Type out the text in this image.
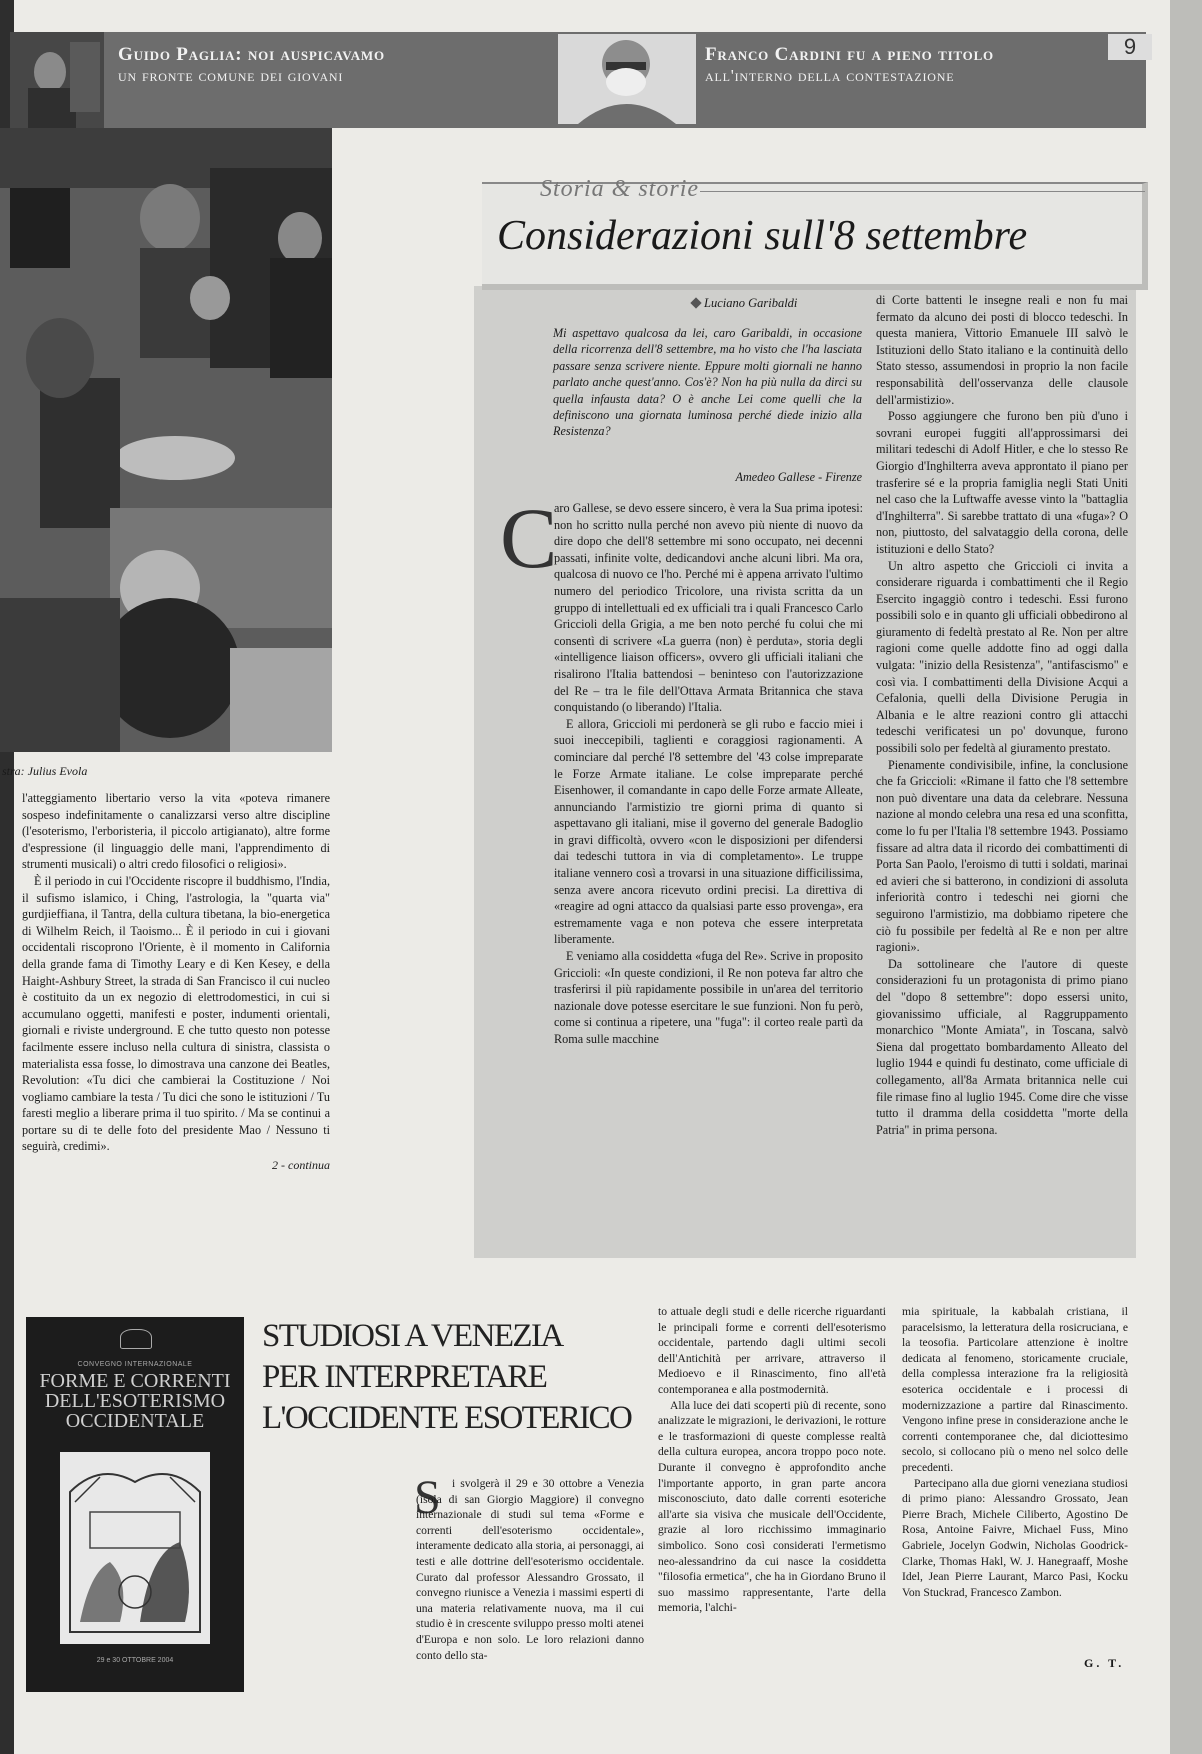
Guido Paglia: noi auspicavamo
un fronte comune dei giovani
Franco Cardini fu a pieno titolo
all'interno della contestazione
9
stra: Julius Evola

l'atteggiamento libertario verso la vita «poteva rimanere sospeso indefinitamente o canalizzarsi verso altre discipline (l'esoterismo, l'erboristeria, il piccolo artigianato), altre forme d'espressione (il linguaggio delle mani, l'apprendimento di strumenti musicali) o altri credo filosofici o religiosi».

È il periodo in cui l'Occidente riscopre il buddhismo, l'India, il sufismo islamico, i Ching, l'astrologia, la "quarta via" gurdjieffiana, il Tantra, della cultura tibetana, la bio-energetica di Wilhelm Reich, il Taoismo... È il periodo in cui i giovani occidentali riscoprono l'Oriente, è il momento in California della grande fama di Timothy Leary e di Ken Kesey, e della Haight-Ashbury Street, la strada di San Francisco il cui nucleo è costituito da un ex negozio di elettrodomestici, in cui si accumulano oggetti, manifesti e poster, indumenti orientali, giornali e riviste underground. E che tutto questo non potesse facilmente essere incluso nella cultura di sinistra, classista o materialista essa fosse, lo dimostrava una canzone dei Beatles, Revolution: «Tu dici che cambierai la Costituzione / Noi vogliamo cambiare la testa / Tu dici che sono le istituzioni / Tu faresti meglio a liberare prima il tuo spirito. / Ma se continui a portare su di te delle foto del presidente Mao / Nessuno ti seguirà, credimi».

2 - continua
Storia & storie
Considerazioni sull'8 settembre
Luciano Garibaldi
Mi aspettavo qualcosa da lei, caro Garibaldi, in occasione della ricorrenza dell'8 settembre, ma ho visto che l'ha lasciata passare senza scrivere niente. Eppure molti giornali ne hanno parlato anche quest'anno. Cos'è? Non ha più nulla da dirci su quella infausta data? O è anche Lei come quelli che la definiscono una giornata luminosa perché diede inizio alla Resistenza?
Amedeo Gallese - Firenze
C

aro Gallese, se devo essere sincero, è vera la Sua prima ipotesi: non ho scritto nulla perché non avevo più niente di nuovo da dire dopo che dell'8 settembre mi sono occupato, nei decenni passati, infinite volte, dedicandovi anche alcuni libri. Ma ora, qualcosa di nuovo ce l'ho. Perché mi è appena arrivato l'ultimo numero del periodico Tricolore, una rivista scritta da un gruppo di intellettuali ed ex ufficiali tra i quali Francesco Carlo Griccioli della Grigia, a me ben noto perché fu colui che mi consentì di scrivere «La guerra (non) è perduta», storia degli «intelligence liaison officers», ovvero gli ufficiali italiani che risalirono l'Italia battendosi – beninteso con l'autorizzazione del Re – tra le file dell'Ottava Armata Britannica che stava conquistando (o liberando) l'Italia.

E allora, Griccioli mi perdonerà se gli rubo e faccio miei i suoi ineccepibili, taglienti e coraggiosi ragionamenti. A cominciare dal perché l'8 settembre del '43 colse impreparate le Forze Armate italiane. Le colse impreparate perché Eisenhower, il comandante in capo delle Forze armate Alleate, annunciando l'armistizio tre giorni prima di quanto si aspettavano gli italiani, mise il governo del generale Badoglio in gravi difficoltà, ovvero «con le disposizioni per difendersi dai tedeschi tuttora in via di completamento». Le truppe italiane vennero così a trovarsi in una situazione difficilissima, senza avere ancora ricevuto ordini precisi. La direttiva di «reagire ad ogni attacco da qualsiasi parte esso provenga», era estremamente vaga e non poteva che essere interpretata liberamente.

E veniamo alla cosiddetta «fuga del Re». Scrive in proposito Griccioli: «In queste condizioni, il Re non poteva far altro che trasferirsi il più rapidamente possibile in un'area del territorio nazionale dove potesse esercitare le sue funzioni. Non fu però, come si continua a ripetere, una "fuga": il corteo reale partì da Roma sulle macchine

di Corte battenti le insegne reali e non fu mai fermato da alcuno dei posti di blocco tedeschi. In questa maniera, Vittorio Emanuele III salvò le Istituzioni dello Stato italiano e la continuità dello Stato stesso, assumendosi in proprio la non facile responsabilità dell'osservanza delle clausole dell'armistizio».

Posso aggiungere che furono ben più d'uno i sovrani europei fuggiti all'approssimarsi dei militari tedeschi di Adolf Hitler, e che lo stesso Re Giorgio d'Inghilterra aveva approntato il piano per trasferire sé e la propria famiglia negli Stati Uniti nel caso che la Luftwaffe avesse vinto la "battaglia d'Inghilterra". Si sarebbe trattato di una «fuga»? O non, piuttosto, del salvataggio della corona, delle istituzioni e dello Stato?

Un altro aspetto che Griccioli ci invita a considerare riguarda i combattimenti che il Regio Esercito ingaggiò contro i tedeschi. Essi furono possibili solo e in quanto gli ufficiali obbedirono al giuramento di fedeltà prestato al Re. Non per altre ragioni come quelle addotte fino ad oggi dalla vulgata: "inizio della Resistenza", "antifascismo" e così via. I combattimenti della Divisione Acqui a Cefalonia, quelli della Divisione Perugia in Albania e le altre reazioni contro gli attacchi tedeschi verificatesi un po' dovunque, furono possibili solo per fedeltà al giuramento prestato.

Pienamente condivisibile, infine, la conclusione che fa Griccioli: «Rimane il fatto che l'8 settembre non può diventare una data da celebrare. Nessuna nazione al mondo celebra una resa ed una sconfitta, come lo fu per l'Italia l'8 settembre 1943. Possiamo fissare ad altra data il ricordo dei combattimenti di Porta San Paolo, l'eroismo di tutti i soldati, marinai ed avieri che si batterono, in condizioni di assoluta inferiorità contro i tedeschi nei giorni che seguirono l'armistizio, ma dobbiamo ripetere che ciò fu possibile per fedeltà al Re e non per altre ragioni».

Da sottolineare che l'autore di queste considerazioni fu un protagonista di primo piano del "dopo 8 settembre": dopo essersi unito, giovanissimo ufficiale, al Raggruppamento monarchico "Monte Amiata", in Toscana, salvò Siena dal progettato bombardamento Alleato del luglio 1944 e quindi fu destinato, come ufficiale di collegamento, all'8a Armata britannica nelle cui file rimase fino al luglio 1945. Come dire che visse tutto il dramma della cosiddetta "morte della Patria" in prima persona.

CONVEGNO INTERNAZIONALE
FORME E CORRENTI
DELL'ESOTERISMO
OCCIDENTALE
29 e 30 OTTOBRE 2004
STUDIOSI A VENEZIA
PER INTERPRETARE
L'OCCIDENTE ESOTERICO
S i svolgerà il 29 e 30 ottobre a Venezia (isola di san Giorgio Maggiore) il convegno internazionale di studi sul tema «Forme e correnti dell'esoterismo occidentale», interamente dedicato alla storia, ai personaggi, ai testi e alle dottrine dell'esoterismo occidentale. Curato dal professor Alessandro Grossato, il convegno riunisce a Venezia i massimi esperti di una materia relativamente nuova, ma il cui studio è in crescente sviluppo presso molti atenei d'Europa e non solo. Le loro relazioni danno conto dello sta-

to attuale degli studi e delle ricerche riguardanti le principali forme e correnti dell'esoterismo occidentale, partendo dagli ultimi secoli dell'Antichità per arrivare, attraverso il Medioevo e il Rinascimento, fino all'età contemporanea e alla postmodernità.

Alla luce dei dati scoperti più di recente, sono analizzate le migrazioni, le derivazioni, le rotture e le trasformazioni di queste complesse realtà della cultura europea, ancora troppo poco note. Durante il convegno è approfondito anche l'importante apporto, in gran parte ancora misconosciuto, dato dalle correnti esoteriche all'arte sia visiva che musicale dell'Occidente, grazie al loro ricchissimo immaginario simbolico. Sono così considerati l'ermetismo neo-alessandrino da cui nasce la cosiddetta "filosofia ermetica", che ha in Giordano Bruno il suo massimo rappresentante, l'arte della memoria, l'alchi-

mia spirituale, la kabbalah cristiana, il paracelsismo, la letteratura della rosicruciana, e la teosofia. Particolare attenzione è inoltre dedicata al fenomeno, storicamente cruciale, della complessa interazione fra la religiosità esoterica occidentale e i processi di modernizzazione a partire dal Rinascimento. Vengono infine prese in considerazione anche le correnti contemporanee che, dal diciottesimo secolo, si collocano più o meno nel solco delle precedenti.

Partecipano alla due giorni veneziana studiosi di primo piano: Alessandro Grossato, Jean Pierre Brach, Michele Ciliberto, Agostino De Rosa, Antoine Faivre, Michael Fuss, Mino Gabriele, Jocelyn Godwin, Nicholas Goodrick-Clarke, Thomas Hakl, W. J. Hanegraaff, Moshe Idel, Jean Pierre Laurant, Marco Pasi, Kocku Von Stuckrad, Francesco Zambon.

G. T.
